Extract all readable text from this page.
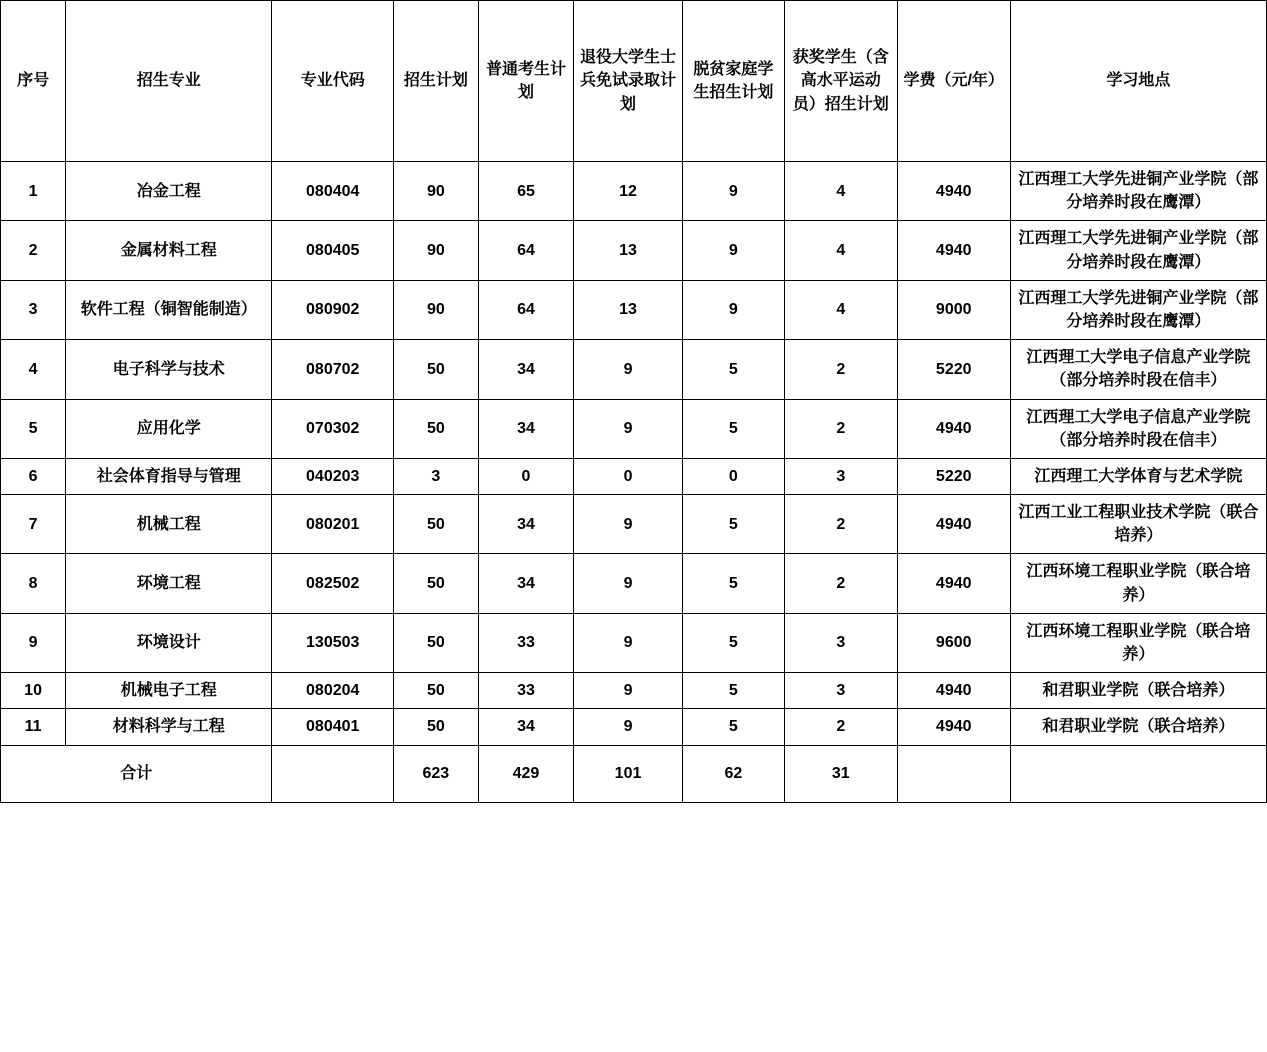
序号	招生专业	专业代码	招生计划	普通考生计划	退役大学生士兵免试录取计划	脱贫家庭学生招生计划	获奖学生（含高水平运动员）招生计划	学费（元/年）	学习地点
1	冶金工程	080404	90	65	12	9	4	4940	江西理工大学先进铜产业学院（部分培养时段在鹰潭）
2	金属材料工程	080405	90	64	13	9	4	4940	江西理工大学先进铜产业学院（部分培养时段在鹰潭）
3	软件工程（铜智能制造）	080902	90	64	13	9	4	9000	江西理工大学先进铜产业学院（部分培养时段在鹰潭）
4	电子科学与技术	080702	50	34	9	5	2	5220	江西理工大学电子信息产业学院（部分培养时段在信丰）
5	应用化学	070302	50	34	9	5	2	4940	江西理工大学电子信息产业学院（部分培养时段在信丰）
6	社会体育指导与管理	040203	3	0	0	0	3	5220	江西理工大学体育与艺术学院
7	机械工程	080201	50	34	9	5	2	4940	江西工业工程职业技术学院（联合培养）
8	环境工程	082502	50	34	9	5	2	4940	江西环境工程职业学院（联合培养）
9	环境设计	130503	50	33	9	5	3	9600	江西环境工程职业学院（联合培养）
10	机械电子工程	080204	50	33	9	5	3	4940	和君职业学院（联合培养）
11	材料科学与工程	080401	50	34	9	5	2	4940	和君职业学院（联合培养）
合计			623	429	101	62	31		
